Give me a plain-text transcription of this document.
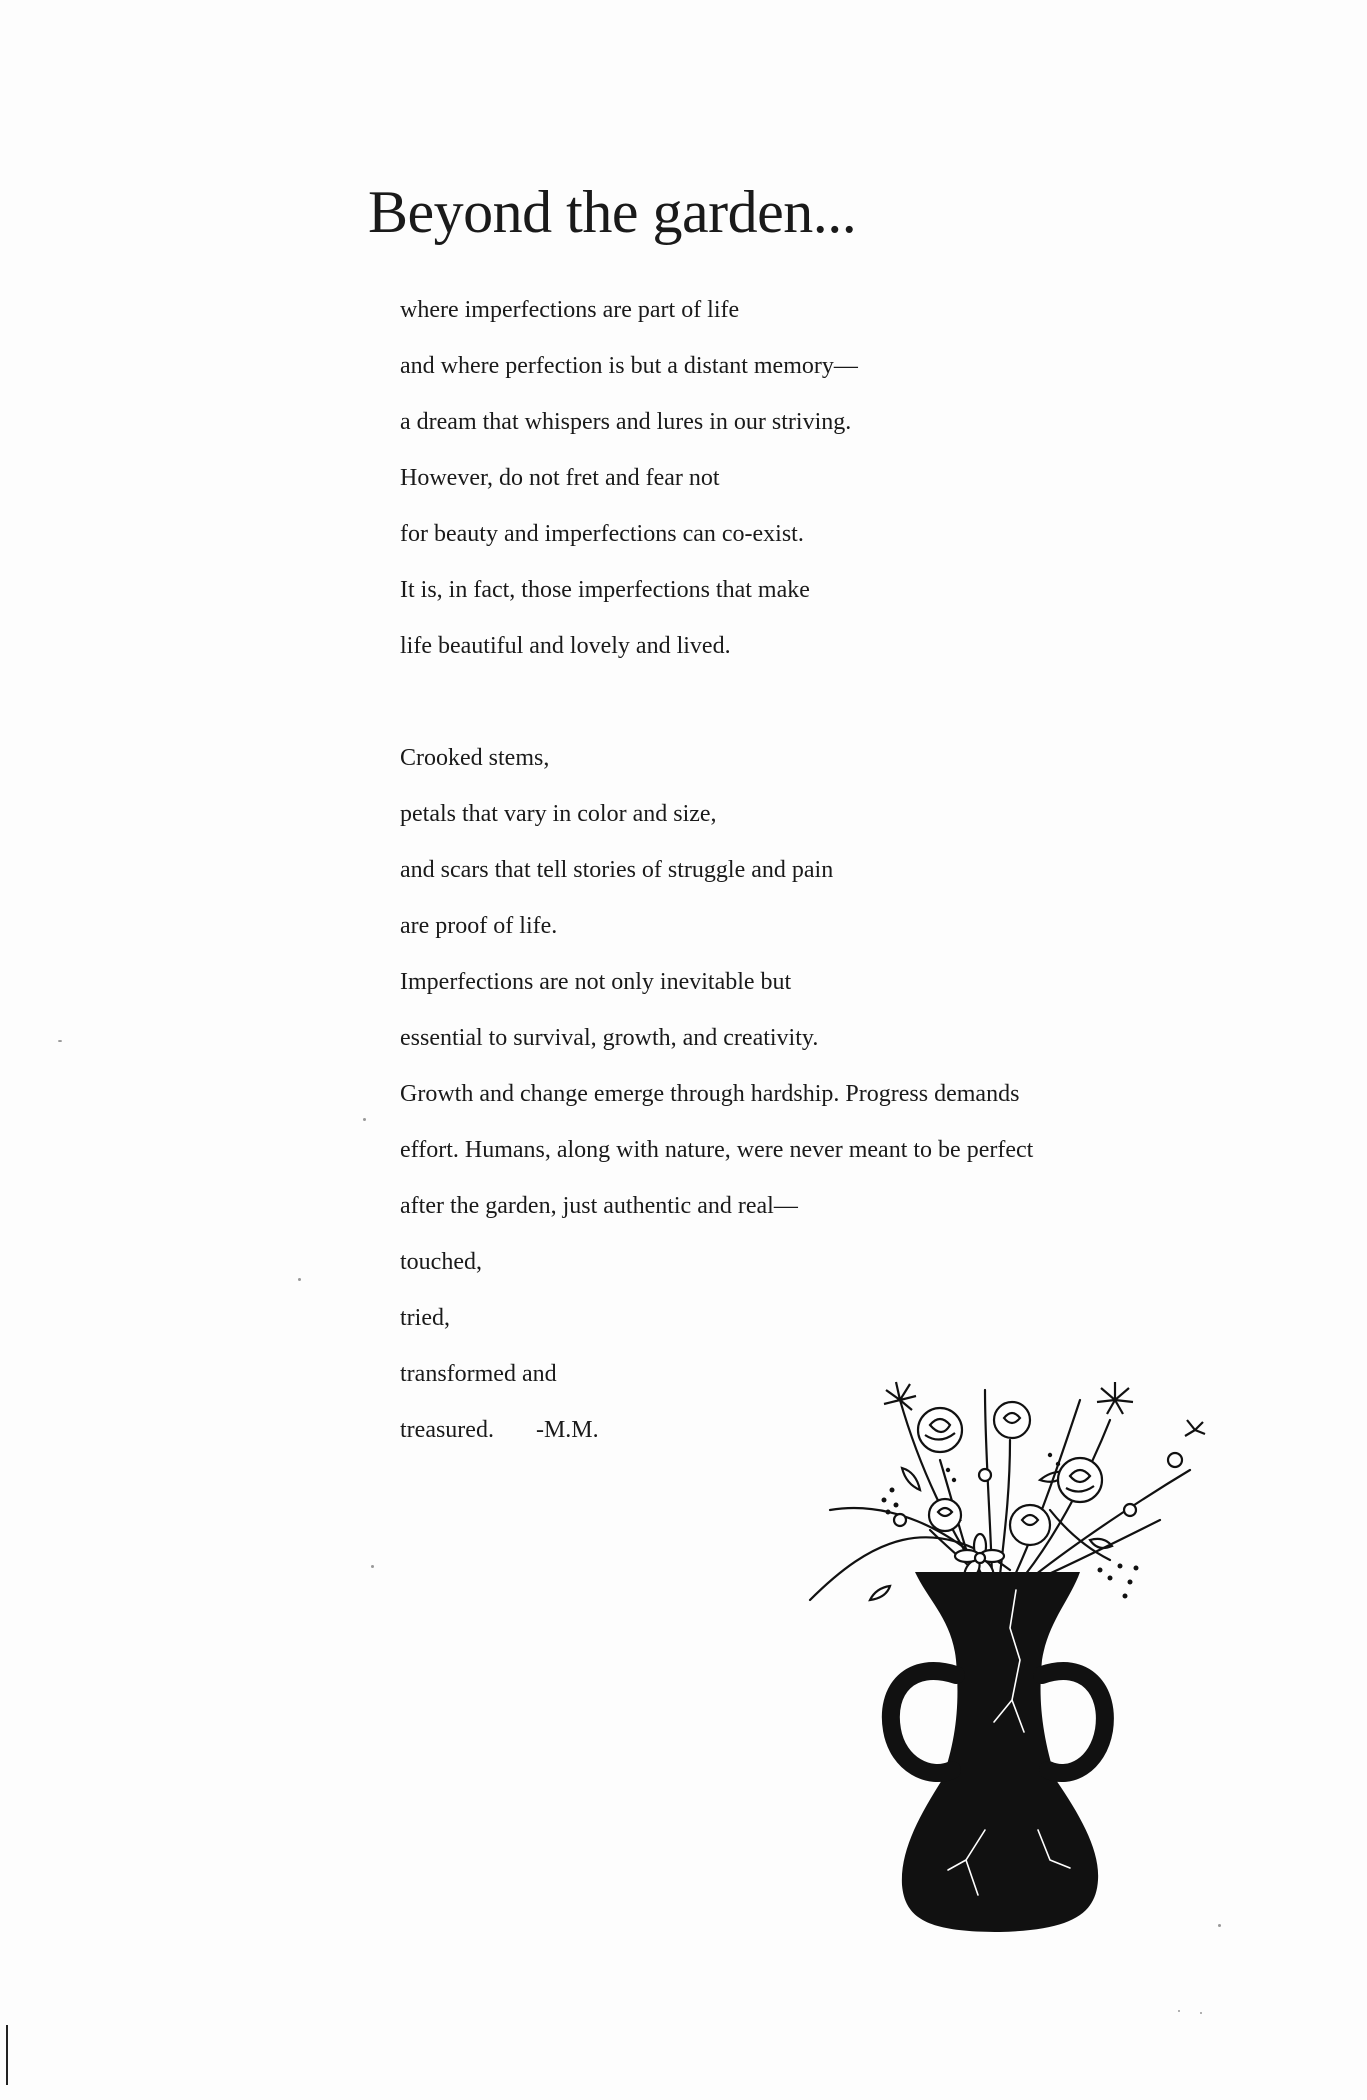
Beyond the garden...
where imperfections are part of life
and where perfection is but a distant memory—
a dream that whispers and lures in our striving.
However, do not fret and fear not
for beauty and imperfections can co-exist.
It is, in fact, those imperfections that make
life beautiful and lovely and lived.
Crooked stems,
petals that vary in color and size,
and scars that tell stories of struggle and pain
are proof of life.
Imperfections are not only inevitable but
essential to survival, growth, and creativity.
Growth and change emerge through hardship. Progress demands
effort. Humans, along with nature, were never meant to be perfect
after the garden, just authentic and real—
touched,
tried,
transformed and
treasured. -M.M.
